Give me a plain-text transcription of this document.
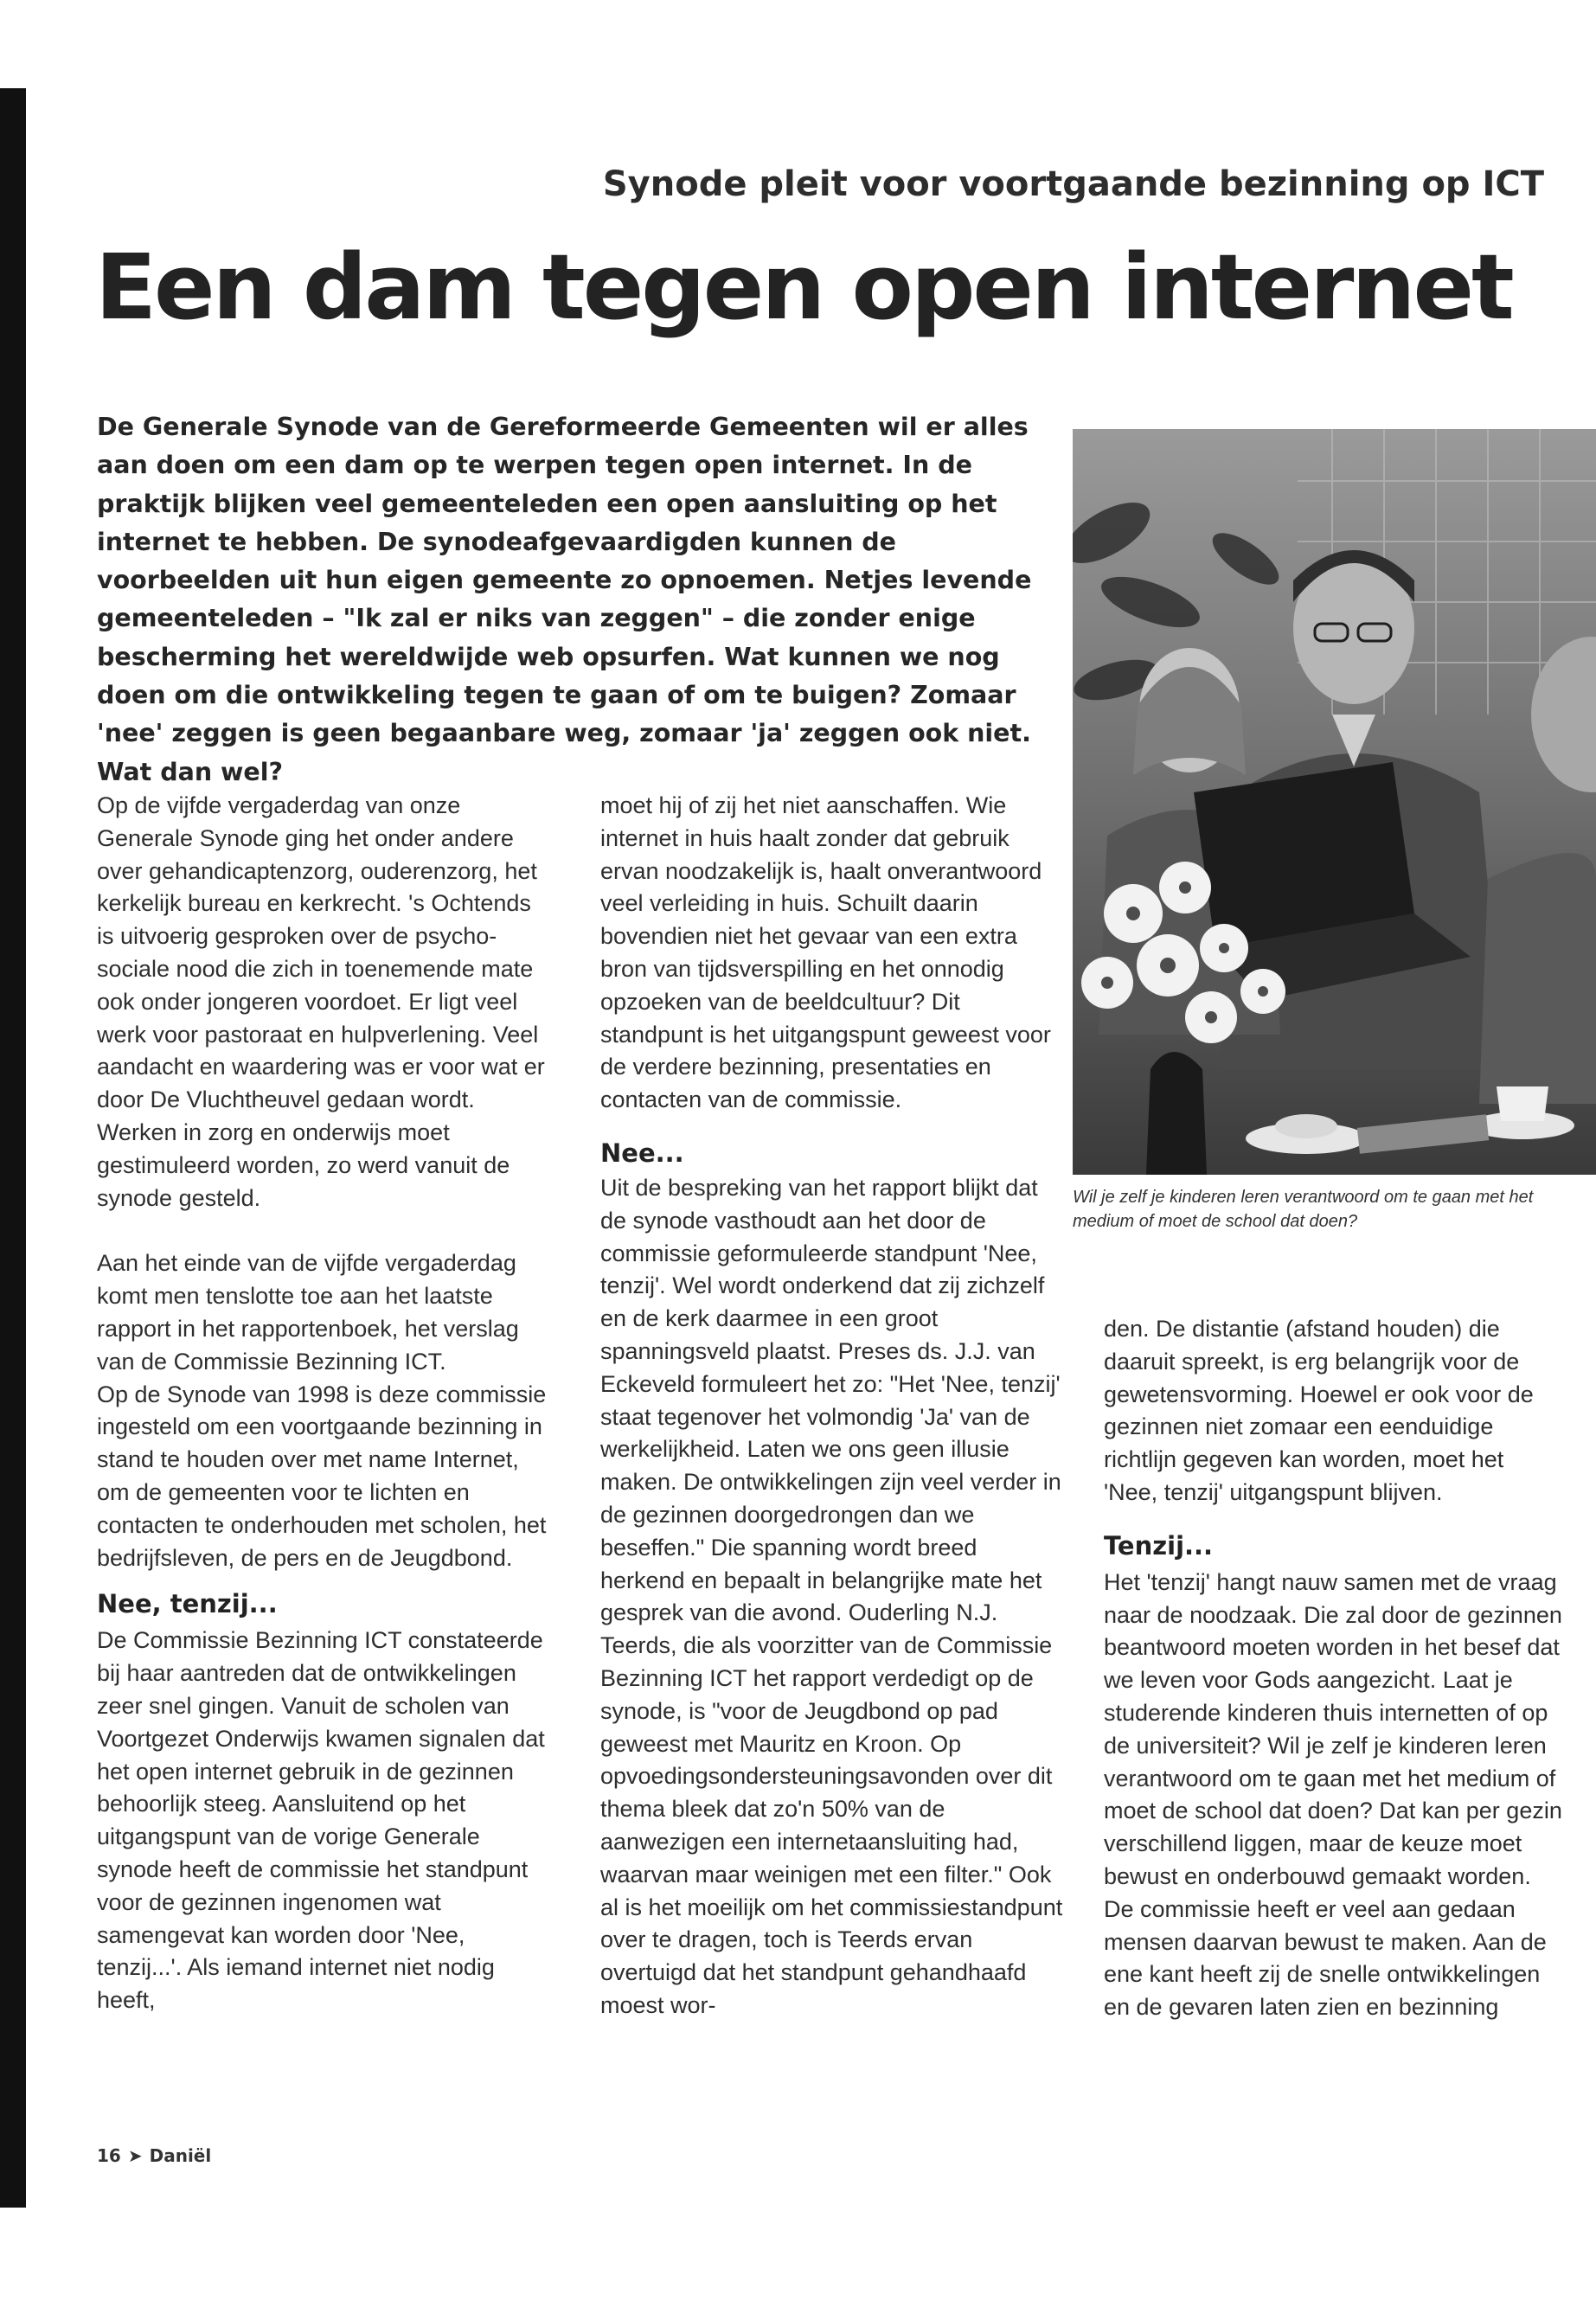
Synode pleit voor voortgaande bezinning op ICT
Een dam tegen open internet

De Generale Synode van de Gereformeerde Gemeenten wil er alles aan doen om een dam op te werpen tegen open internet. In de praktijk blijken veel gemeenteleden een open aansluiting op het internet te hebben. De synodeafgevaardigden kunnen de voorbeelden uit hun eigen gemeente zo opnoemen. Netjes levende gemeenteleden – "Ik zal er niks van zeggen" – die zonder enige bescherming het wereldwijde web opsurfen. Wat kunnen we nog doen om die ontwikkeling tegen te gaan of om te buigen? Zomaar 'nee' zeggen is geen begaanbare weg, zomaar 'ja' zeggen ook niet. Wat dan wel?

Wil je zelf je kinderen leren verantwoord om te gaan met het medium of moet de school dat doen?

Op de vijfde vergaderdag van onze Generale Synode ging het onder andere over gehandicaptenzorg, ouderenzorg, het kerkelijk bureau en kerkrecht. 's Ochtends is uitvoerig gesproken over de psycho-sociale nood die zich in toenemende mate ook onder jongeren voordoet. Er ligt veel werk voor pastoraat en hulpverlening. Veel aandacht en waardering was er voor wat er door De Vluchtheuvel gedaan wordt. Werken in zorg en onderwijs moet gestimuleerd worden, zo werd vanuit de synode gesteld.

Aan het einde van de vijfde vergaderdag komt men tenslotte toe aan het laatste rapport in het rapportenboek, het verslag van de Commissie Bezinning ICT.

Op de Synode van 1998 is deze commissie ingesteld om een voortgaande bezinning in stand te houden over met name Internet, om de gemeenten voor te lichten en contacten te onderhouden met scholen, het bedrijfsleven, de pers en de Jeugdbond.

Nee, tenzij...

De Commissie Bezinning ICT constateerde bij haar aantreden dat de ontwikkelingen zeer snel gingen. Vanuit de scholen van Voortgezet Onderwijs kwamen signalen dat het open internet gebruik in de gezinnen behoorlijk steeg. Aansluitend op het uitgangspunt van de vorige Generale synode heeft de commissie het standpunt voor de gezinnen ingenomen wat samengevat kan worden door 'Nee, tenzij...'. Als iemand internet niet nodig heeft,

moet hij of zij het niet aanschaffen. Wie internet in huis haalt zonder dat gebruik ervan noodzakelijk is, haalt onverantwoord veel verleiding in huis. Schuilt daarin bovendien niet het gevaar van een extra bron van tijdsverspilling en het onnodig opzoeken van de beeldcultuur? Dit standpunt is het uitgangspunt geweest voor de verdere bezinning, presentaties en contacten van de commissie.

Nee...

Uit de bespreking van het rapport blijkt dat de synode vasthoudt aan het door de commissie geformuleerde standpunt 'Nee, tenzij'. Wel wordt onderkend dat zij zichzelf en de kerk daarmee in een groot spanningsveld plaatst. Preses ds. J.J. van Eckeveld formuleert het zo: "Het 'Nee, tenzij' staat tegenover het volmondig 'Ja' van de werkelijkheid. Laten we ons geen illusie maken. De ontwikkelingen zijn veel verder in de gezinnen doorgedrongen dan we beseffen." Die spanning wordt breed herkend en bepaalt in belangrijke mate het gesprek van die avond. Ouderling N.J. Teerds, die als voorzitter van de Commissie Bezinning ICT het rapport verdedigt op de synode, is "voor de Jeugdbond op pad geweest met Mauritz en Kroon. Op opvoedingsondersteuningsavonden over dit thema bleek dat zo'n 50% van de aanwezigen een internetaansluiting had, waarvan maar weinigen met een filter." Ook al is het moeilijk om het commissiestandpunt over te dragen, toch is Teerds ervan overtuigd dat het standpunt gehandhaafd moest wor-

den. De distantie (afstand houden) die daaruit spreekt, is erg belangrijk voor de gewetensvorming. Hoewel er ook voor de gezinnen niet zomaar een eenduidige richtlijn gegeven kan worden, moet het 'Nee, tenzij' uitgangspunt blijven.

Tenzij...

Het 'tenzij' hangt nauw samen met de vraag naar de noodzaak. Die zal door de gezinnen beantwoord moeten worden in het besef dat we leven voor Gods aangezicht. Laat je studerende kinderen thuis internetten of op de universiteit? Wil je zelf je kinderen leren verantwoord om te gaan met het medium of moet de school dat doen? Dat kan per gezin verschillend liggen, maar de keuze moet bewust en onderbouwd gemaakt worden. De commissie heeft er veel aan gedaan mensen daarvan bewust te maken. Aan de ene kant heeft zij de snelle ontwikkelingen en de gevaren laten zien en bezinning

16 ➤ Daniël
